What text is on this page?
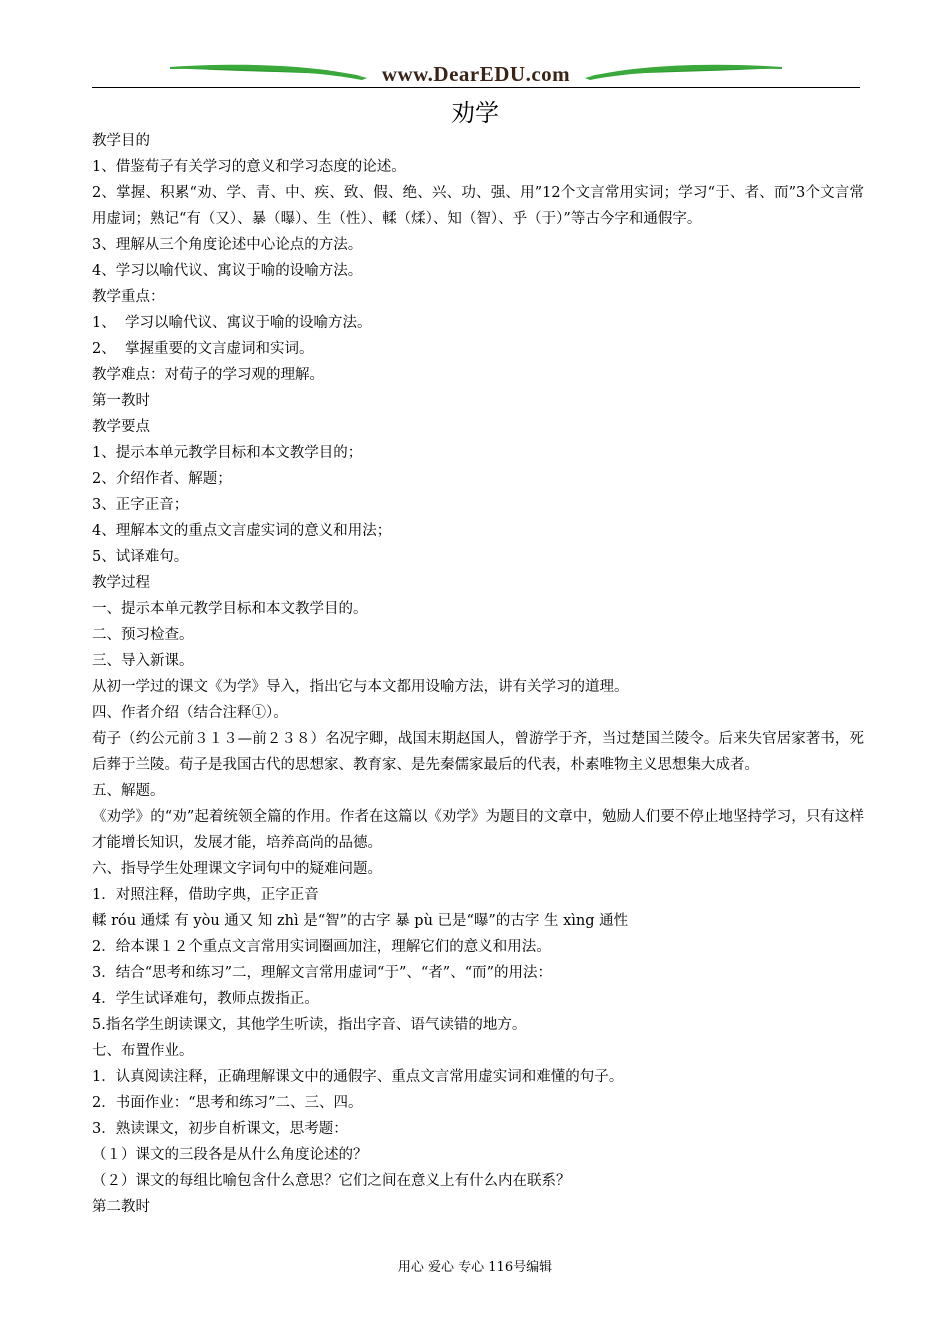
www.DearEDU.com
劝学

教学目的

1、借鉴荀子有关学习的意义和学习态度的论述。

2、掌握、积累“劝、学、青、中、疾、致、假、绝、兴、功、强、用”12个文言常用实词；学习“于、者、而”3个文言常用虚词；熟记“有（又）、暴（曝）、生（性）、輮（煣）、知（智）、乎（于）”等古今字和通假字。

3、理解从三个角度论述中心论点的方法。

4、学习以喻代议、寓议于喻的设喻方法。

教学重点：

1、  学习以喻代议、寓议于喻的设喻方法。

2、  掌握重要的文言虚词和实词。

教学难点：对荀子的学习观的理解。

第一教时

教学要点

1、提示本单元教学目标和本文教学目的；

2、介绍作者、解题；

3、正字正音；

4、理解本文的重点文言虚实词的意义和用法；

5、试译难句。

教学过程

一、提示本单元教学目标和本文教学目的。

二、预习检查。

三、导入新课。

从初一学过的课文《为学》导入，指出它与本文都用设喻方法，讲有关学习的道理。

四、作者介绍（结合注释①）。

荀子（约公元前３１３—前２３８）名况字卿，战国末期赵国人，曾游学于齐，当过楚国兰陵令。后来失官居家著书，死后葬于兰陵。荀子是我国古代的思想家、教育家、是先秦儒家最后的代表，朴素唯物主义思想集大成者。

五、解题。

《劝学》的“劝”起着统领全篇的作用。作者在这篇以《劝学》为题目的文章中，勉励人们要不停止地坚持学习，只有这样才能增长知识，发展才能，培养高尚的品德。

六、指导学生处理课文字词句中的疑难问题。

1．对照注释，借助字典，正字正音

輮 róu 通煣 有 yòu 通又 知 zhì 是“智”的古字 暴 pù 已是“曝”的古字 生 xìng 通性

2．给本课１２个重点文言常用实词圈画加注，理解它们的意义和用法。

3．结合“思考和练习”二，理解文言常用虚词“于”、“者”、“而”的用法：

4．学生试译难句，教师点拨指正。

5.指名学生朗读课文，其他学生听读，指出字音、语气读错的地方。

七、布置作业。

1．认真阅读注释，正确理解课文中的通假字、重点文言常用虚实词和难懂的句子。

2．书面作业：“思考和练习”二、三、四。

3．熟读课文，初步自析课文，思考题：

（１）课文的三段各是从什么角度论述的？

（２）课文的每组比喻包含什么意思？它们之间在意义上有什么内在联系？

第二教时

用心 爱心 专心 116号编辑
